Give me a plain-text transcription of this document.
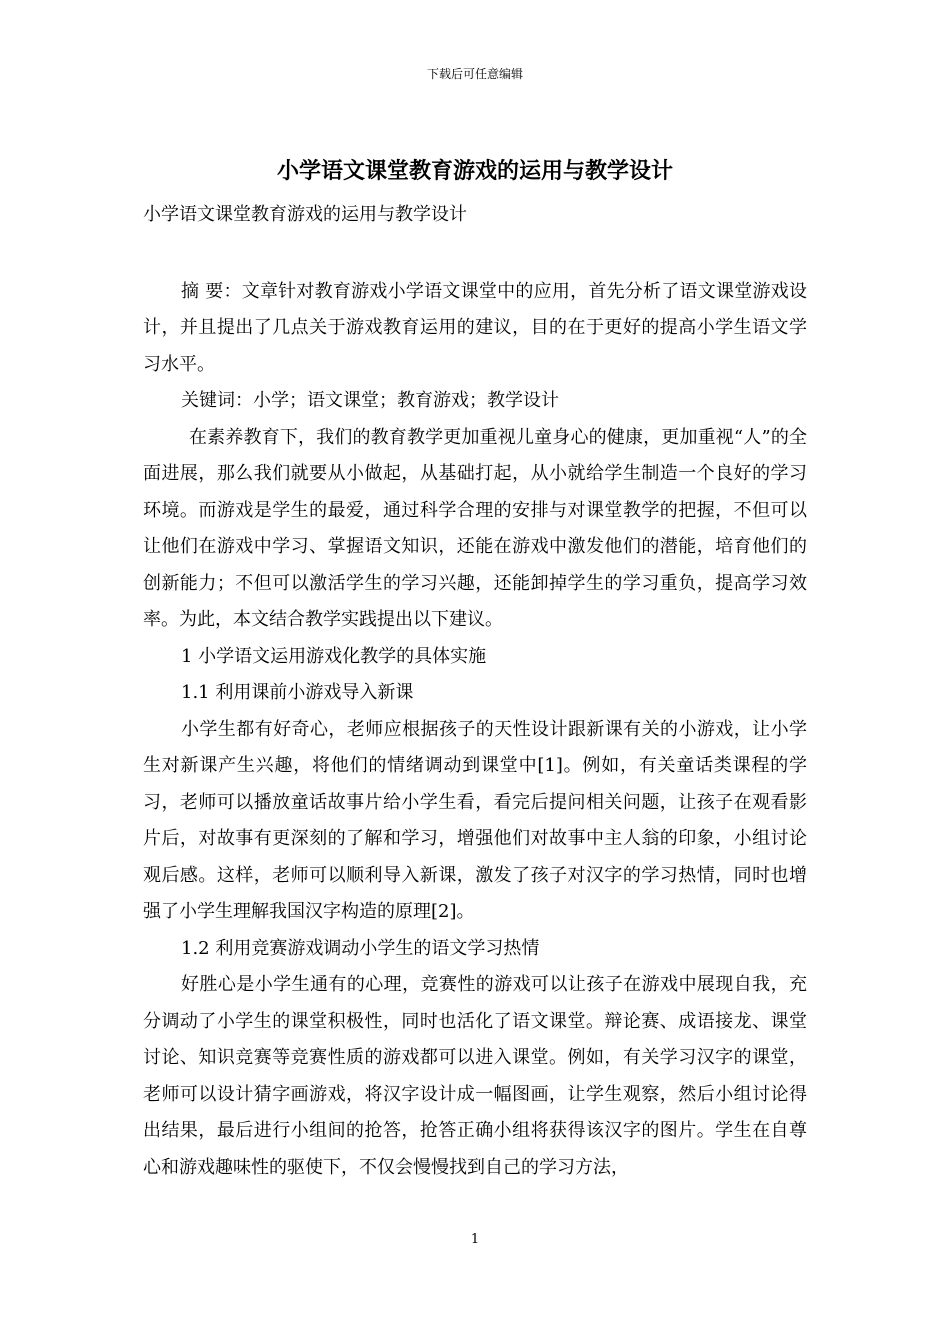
下载后可任意编辑
小学语文课堂教育游戏的运用与教学设计

小学语文课堂教育游戏的运用与教学设计

摘 要：文章针对教育游戏小学语文课堂中的应用，首先分析了语文课堂游戏设计，并且提出了几点关于游戏教育运用的建议，目的在于更好的提高小学生语文学习水平。

关键词：小学；语文课堂；教育游戏；教学设计

在素养教育下，我们的教育教学更加重视儿童身心的健康，更加重视“人”的全面进展，那么我们就要从小做起，从基础打起，从小就给学生制造一个良好的学习环境。而游戏是学生的最爱，通过科学合理的安排与对课堂教学的把握，不但可以让他们在游戏中学习、掌握语文知识，还能在游戏中激发他们的潜能，培育他们的创新能力；不但可以激活学生的学习兴趣，还能卸掉学生的学习重负，提高学习效率。为此，本文结合教学实践提出以下建议。

1 小学语文运用游戏化教学的具体实施

1.1 利用课前小游戏导入新课

小学生都有好奇心，老师应根据孩子的天性设计跟新课有关的小游戏，让小学生对新课产生兴趣，将他们的情绪调动到课堂中[1]。例如，有关童话类课程的学习，老师可以播放童话故事片给小学生看，看完后提问相关问题，让孩子在观看影片后，对故事有更深刻的了解和学习，增强他们对故事中主人翁的印象，小组讨论观后感。这样，老师可以顺利导入新课，激发了孩子对汉字的学习热情，同时也增强了小学生理解我国汉字构造的原理[2]。

1.2 利用竞赛游戏调动小学生的语文学习热情

好胜心是小学生通有的心理，竞赛性的游戏可以让孩子在游戏中展现自我，充分调动了小学生的课堂积极性，同时也活化了语文课堂。辩论赛、成语接龙、课堂讨论、知识竞赛等竞赛性质的游戏都可以进入课堂。例如，有关学习汉字的课堂，老师可以设计猜字画游戏，将汉字设计成一幅图画，让学生观察，然后小组讨论得出结果，最后进行小组间的抢答，抢答正确小组将获得该汉字的图片。学生在自尊心和游戏趣味性的驱使下，不仅会慢慢找到自己的学习方法，

1
